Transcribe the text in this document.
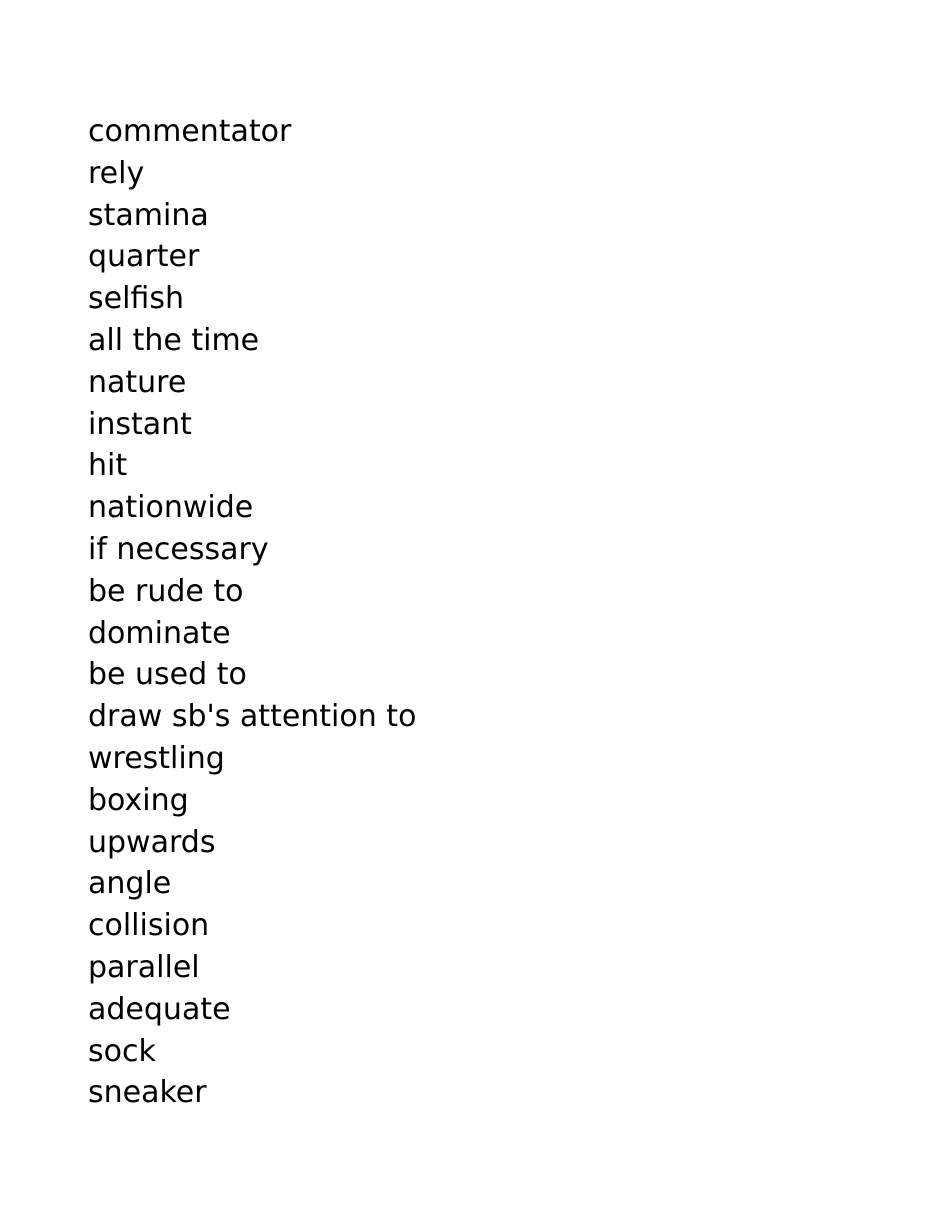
commentator
rely
stamina
quarter
selfish
all the time
nature
instant
hit
nationwide
if necessary
be rude to
dominate
be used to
draw sb's attention to
wrestling
boxing
upwards
angle
collision
parallel
adequate
sock
sneaker
